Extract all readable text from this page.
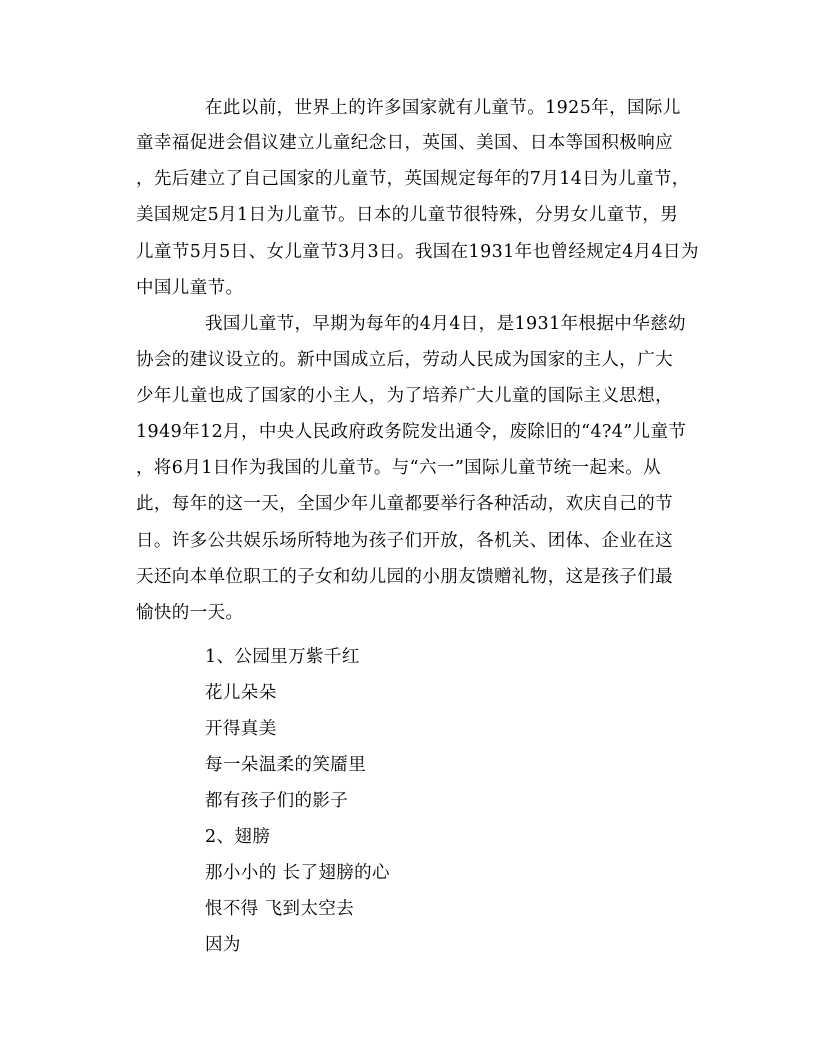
在此以前，世界上的许多国家就有儿童节。1925年，国际儿
童幸福促进会倡议建立儿童纪念日，英国、美国、日本等国积极响应
，先后建立了自己国家的儿童节，英国规定每年的7月14日为儿童节，
美国规定5月1日为儿童节。日本的儿童节很特殊，分男女儿童节，男
儿童节5月5日、女儿童节3月3日。我国在1931年也曾经规定4月4日为
中国儿童节。
我国儿童节，早期为每年的4月4日，是1931年根据中华慈幼
协会的建议设立的。新中国成立后，劳动人民成为国家的主人，广大
少年儿童也成了国家的小主人，为了培养广大儿童的国际主义思想，
1949年12月，中央人民政府政务院发出通令，废除旧的“4?4”儿童节
，将6月1日作为我国的儿童节。与“六一”国际儿童节统一起来。从
此，每年的这一天，全国少年儿童都要举行各种活动，欢庆自己的节
日。许多公共娱乐场所特地为孩子们开放，各机关、团体、企业在这
天还向本单位职工的子女和幼儿园的小朋友馈赠礼物，这是孩子们最
愉快的一天。
1、公园里万紫千红
花儿朵朵
开得真美
每一朵温柔的笑靥里
都有孩子们的影子
2、翅膀
那小小的 长了翅膀的心
恨不得 飞到太空去
因为
